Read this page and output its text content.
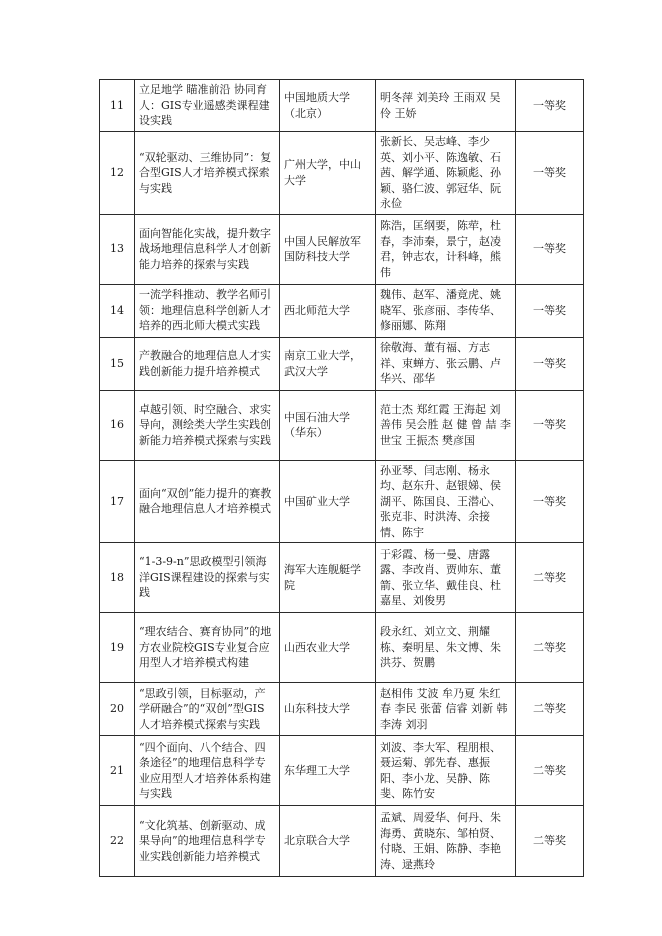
11	立足地学 瞄准前沿 协同育人：GIS专业遥感类课程建设实践	中国地质大学（北京）	明冬萍 刘美玲 王雨双 吴伶 王娇	一等奖
12	“双轮驱动、三维协同”：复合型GIS人才培养模式探索与实践	广州大学，中山大学	张新长、吴志峰、李少英、刘小平、陈逸敏、石茜、解学通、陈颖彪、孙颖、骆仁波、郭冠华、阮永俭	一等奖
13	面向智能化实战，提升数字战场地理信息科学人才创新能力培养的探索与实践	中国人民解放军国防科技大学	陈浩，匡纲要，陈荦，杜春，李沛秦，景宁，赵凌君，钟志农，计科峰，熊伟	一等奖
14	一流学科推动、教学名师引领：地理信息科学创新人才培养的西北师大模式实践	西北师范大学	魏伟、赵军、潘竟虎、姚晓军、张彦丽、李传华、修丽娜、陈翔	一等奖
15	产教融合的地理信息人才实践创新能力提升培养模式	南京工业大学，武汉大学	徐敬海、董有福、方志祥、束蝉方、张云鹏、卢华兴、邵华	一等奖
16	卓越引领、时空融合、求实导向，测绘类大学生实践创新能力培养模式探索与实践	中国石油大学（华东）	范士杰 郑红霞 王海起 刘善伟 吴会胜 赵 健 曾 喆 李世宝 王振杰 樊彦国	一等奖
17	面向“双创”能力提升的赛教融合地理信息人才培养模式	中国矿业大学	孙亚琴、闫志刚、杨永均、赵东升、赵银娣、侯湖平、陈国良、王潜心、张克非、时洪涛、余接情、陈宇	一等奖
18	“1-3-9-n”思政模型引领海洋GIS课程建设的探索与实践	海军大连舰艇学院	于彩霞、杨一曼、唐露露、李改肖、贾帅东、董箭、张立华、戴佳良、杜嘉星、刘俊男	二等奖
19	“理农结合、赛育协同”的地方农业院校GIS专业复合应用型人才培养模式构建	山西农业大学	段永红、刘立文、荆耀栋、秦明星、朱文博、朱洪芬、贺鹏	二等奖
20	“思政引领，目标驱动，产学研融合”的“双创”型GIS人才培养模式探索与实践	山东科技大学	赵相伟 艾波 牟乃夏 朱红春 李民 张蕾 信睿 刘新 韩李涛 刘羽	二等奖
21	“四个面向、八个结合、四条途径”的地理信息科学专业应用型人才培养体系构建与实践	东华理工大学	刘波、李大军、程朋根、聂运菊、郭先春、惠振阳、李小龙、吴静、陈斐、陈竹安	二等奖
22	“文化筑基、创新驱动、成果导向”的地理信息科学专业实践创新能力培养模式	北京联合大学	孟斌、周爱华、何丹、朱海勇、黄晓东、邹柏贤、付晓、王娟、陈静、李艳涛、逯燕玲	二等奖
